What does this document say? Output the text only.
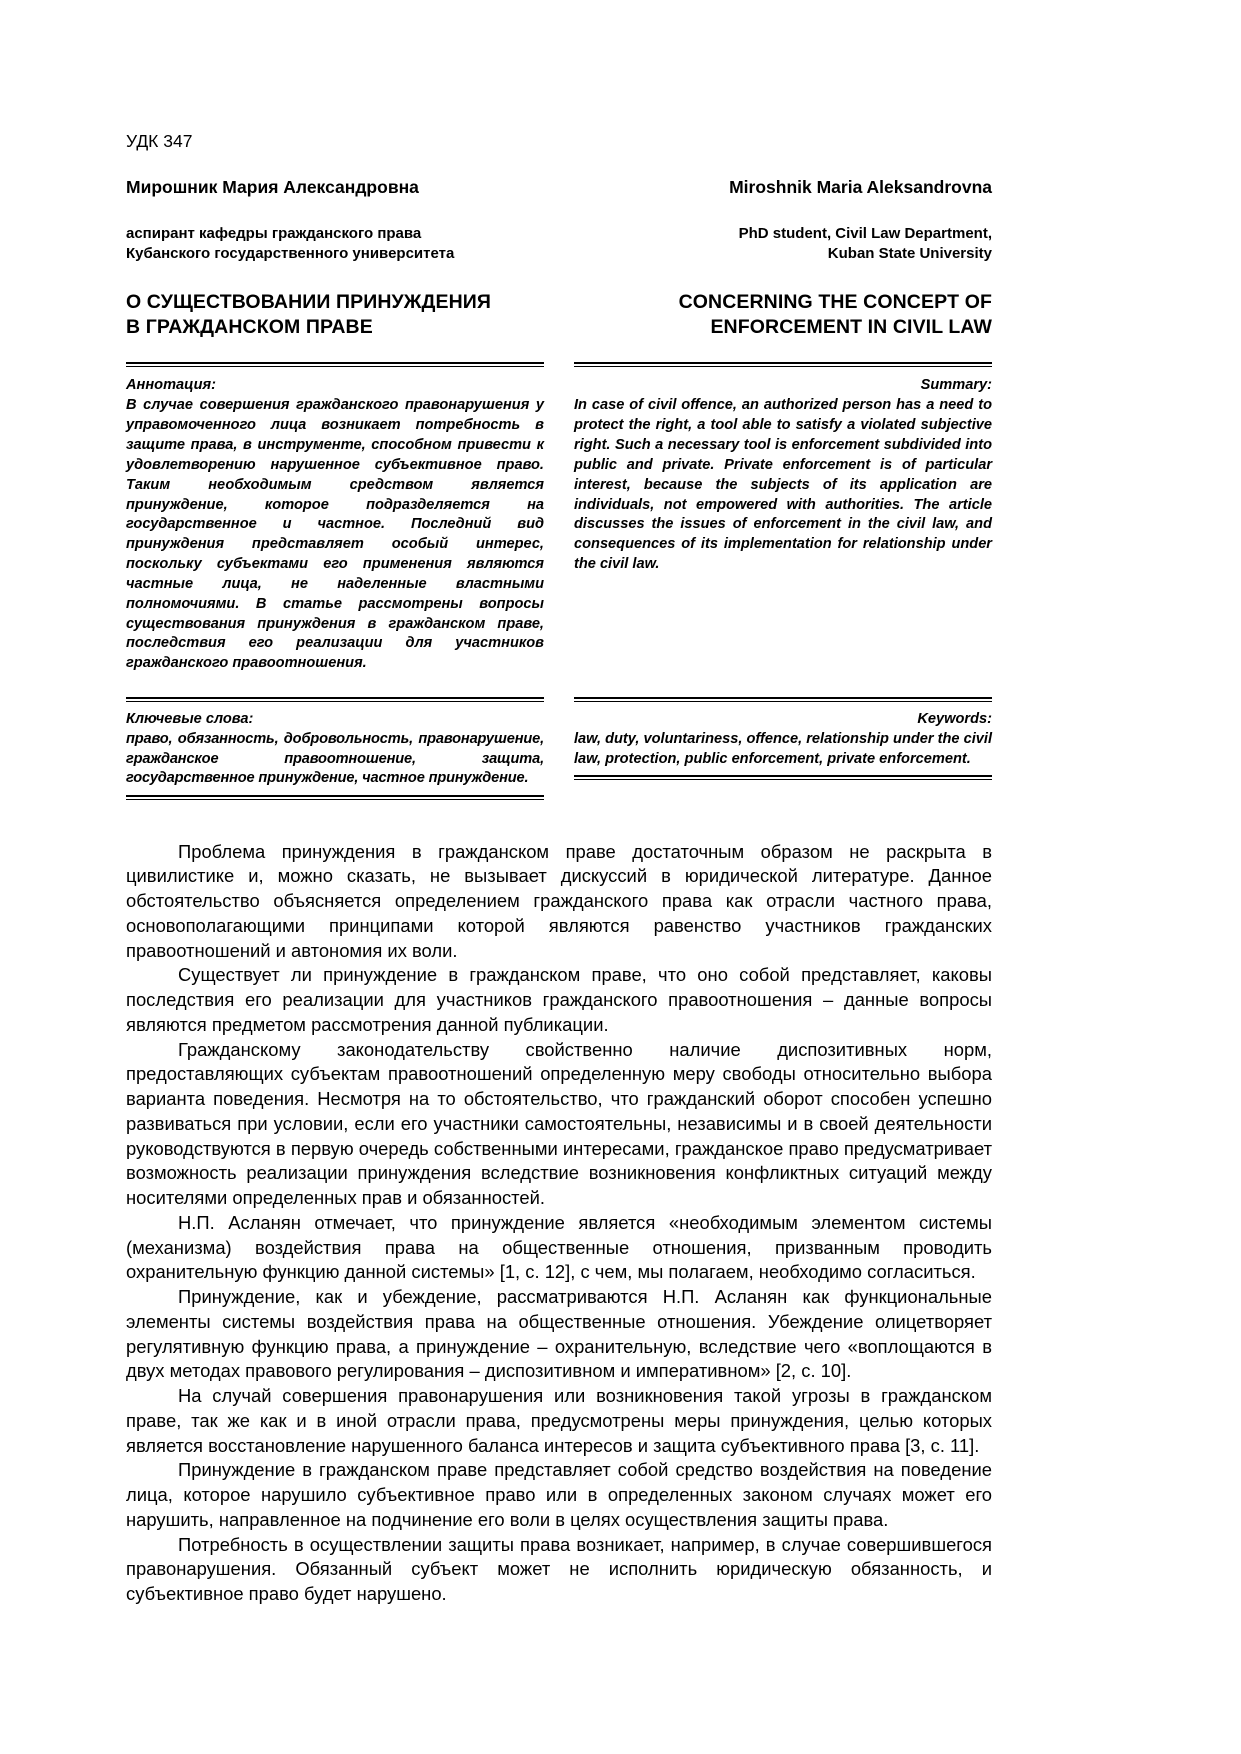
УДК 347
Мирошник Мария Александровна
аспирант кафедры гражданского права
Кубанского государственного университета
О СУЩЕСТВОВАНИИ ПРИНУЖДЕНИЯ
В ГРАЖДАНСКОМ ПРАВЕ
Miroshnik Maria Aleksandrovna
PhD student, Civil Law Department,
Kuban State University
CONCERNING THE CONCEPT OF
ENFORCEMENT IN CIVIL LAW
Аннотация:
В случае совершения гражданского правонарушения у управомоченного лица возникает потребность в защите права, в инструменте, способном привести к удовлетворению нарушенное субъективное право. Таким необходимым средством является принуждение, которое подразделяется на государственное и частное. Последний вид принуждения представляет особый интерес, поскольку субъектами его применения являются частные лица, не наделенные властными полномочиями. В статье рассмотрены вопросы существования принуждения в гражданском праве, последствия его реализации для участников гражданского правоотношения.
Ключевые слова:
право, обязанность, добровольность, правонарушение, гражданское правоотношение, защита, государственное принуждение, частное принуждение.
Summary:
In case of civil offence, an authorized person has a need to protect the right, a tool able to satisfy a violated subjective right. Such a necessary tool is enforcement subdivided into public and private. Private enforcement is of particular interest, because the subjects of its application are individuals, not empowered with authorities. The article discusses the issues of enforcement in the civil law, and consequences of its implementation for relationship under the civil law.
Keywords:
law, duty, voluntariness, offence, relationship under the civil law, protection, public enforcement, private enforcement.

Проблема принуждения в гражданском праве достаточным образом не раскрыта в цивилистике и, можно сказать, не вызывает дискуссий в юридической литературе. Данное обстоятельство объясняется определением гражданского права как отрасли частного права, основополагающими принципами которой являются равенство участников гражданских правоотношений и автономия их воли.

Существует ли принуждение в гражданском праве, что оно собой представляет, каковы последствия его реализации для участников гражданского правоотношения – данные вопросы являются предметом рассмотрения данной публикации.

Гражданскому законодательству свойственно наличие диспозитивных норм, предоставляющих субъектам правоотношений определенную меру свободы относительно выбора варианта поведения. Несмотря на то обстоятельство, что гражданский оборот способен успешно развиваться при условии, если его участники самостоятельны, независимы и в своей деятельности руководствуются в первую очередь собственными интересами, гражданское право предусматривает возможность реализации принуждения вследствие возникновения конфликтных ситуаций между носителями определенных прав и обязанностей.

Н.П. Асланян отмечает, что принуждение является «необходимым элементом системы (механизма) воздействия права на общественные отношения, призванным проводить охранительную функцию данной системы» [1, с. 12], с чем, мы полагаем, необходимо согласиться.

Принуждение, как и убеждение, рассматриваются Н.П. Асланян как функциональные элементы системы воздействия права на общественные отношения. Убеждение олицетворяет регулятивную функцию права, а принуждение – охранительную, вследствие чего «воплощаются в двух методах правового регулирования – диспозитивном и императивном» [2, с. 10].

На случай совершения правонарушения или возникновения такой угрозы в гражданском праве, так же как и в иной отрасли права, предусмотрены меры принуждения, целью которых является восстановление нарушенного баланса интересов и защита субъективного права [3, с. 11].

Принуждение в гражданском праве представляет собой средство воздействия на поведение лица, которое нарушило субъективное право или в определенных законом случаях может его нарушить, направленное на подчинение его воли в целях осуществления защиты права.

Потребность в осуществлении защиты права возникает, например, в случае совершившегося правонарушения. Обязанный субъект может не исполнить юридическую обязанность, и субъективное право будет нарушено.
